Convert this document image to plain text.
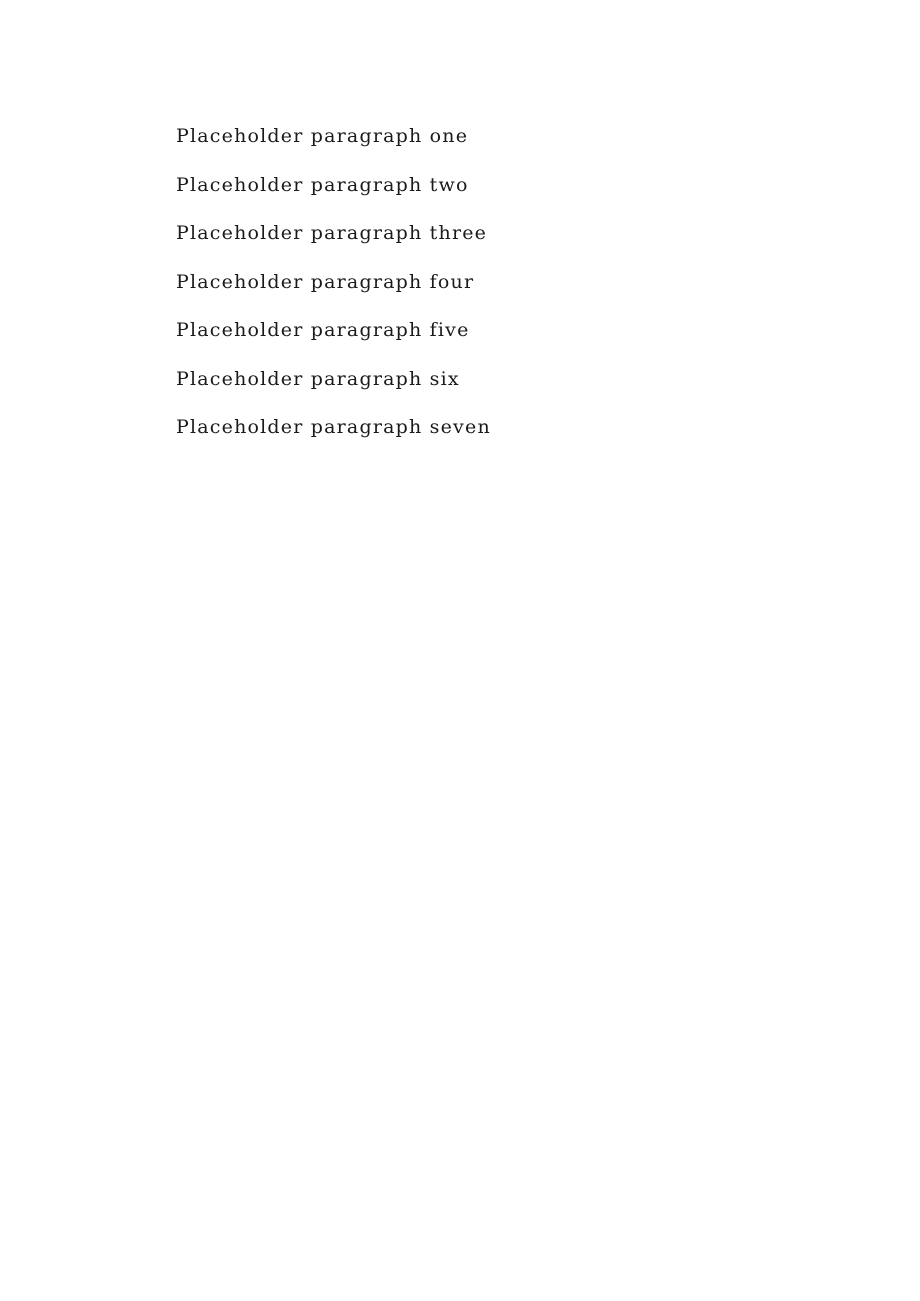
Placeholder paragraph one

Placeholder paragraph two

Placeholder paragraph three

Placeholder paragraph four

Placeholder paragraph five

Placeholder paragraph six

Placeholder paragraph seven
